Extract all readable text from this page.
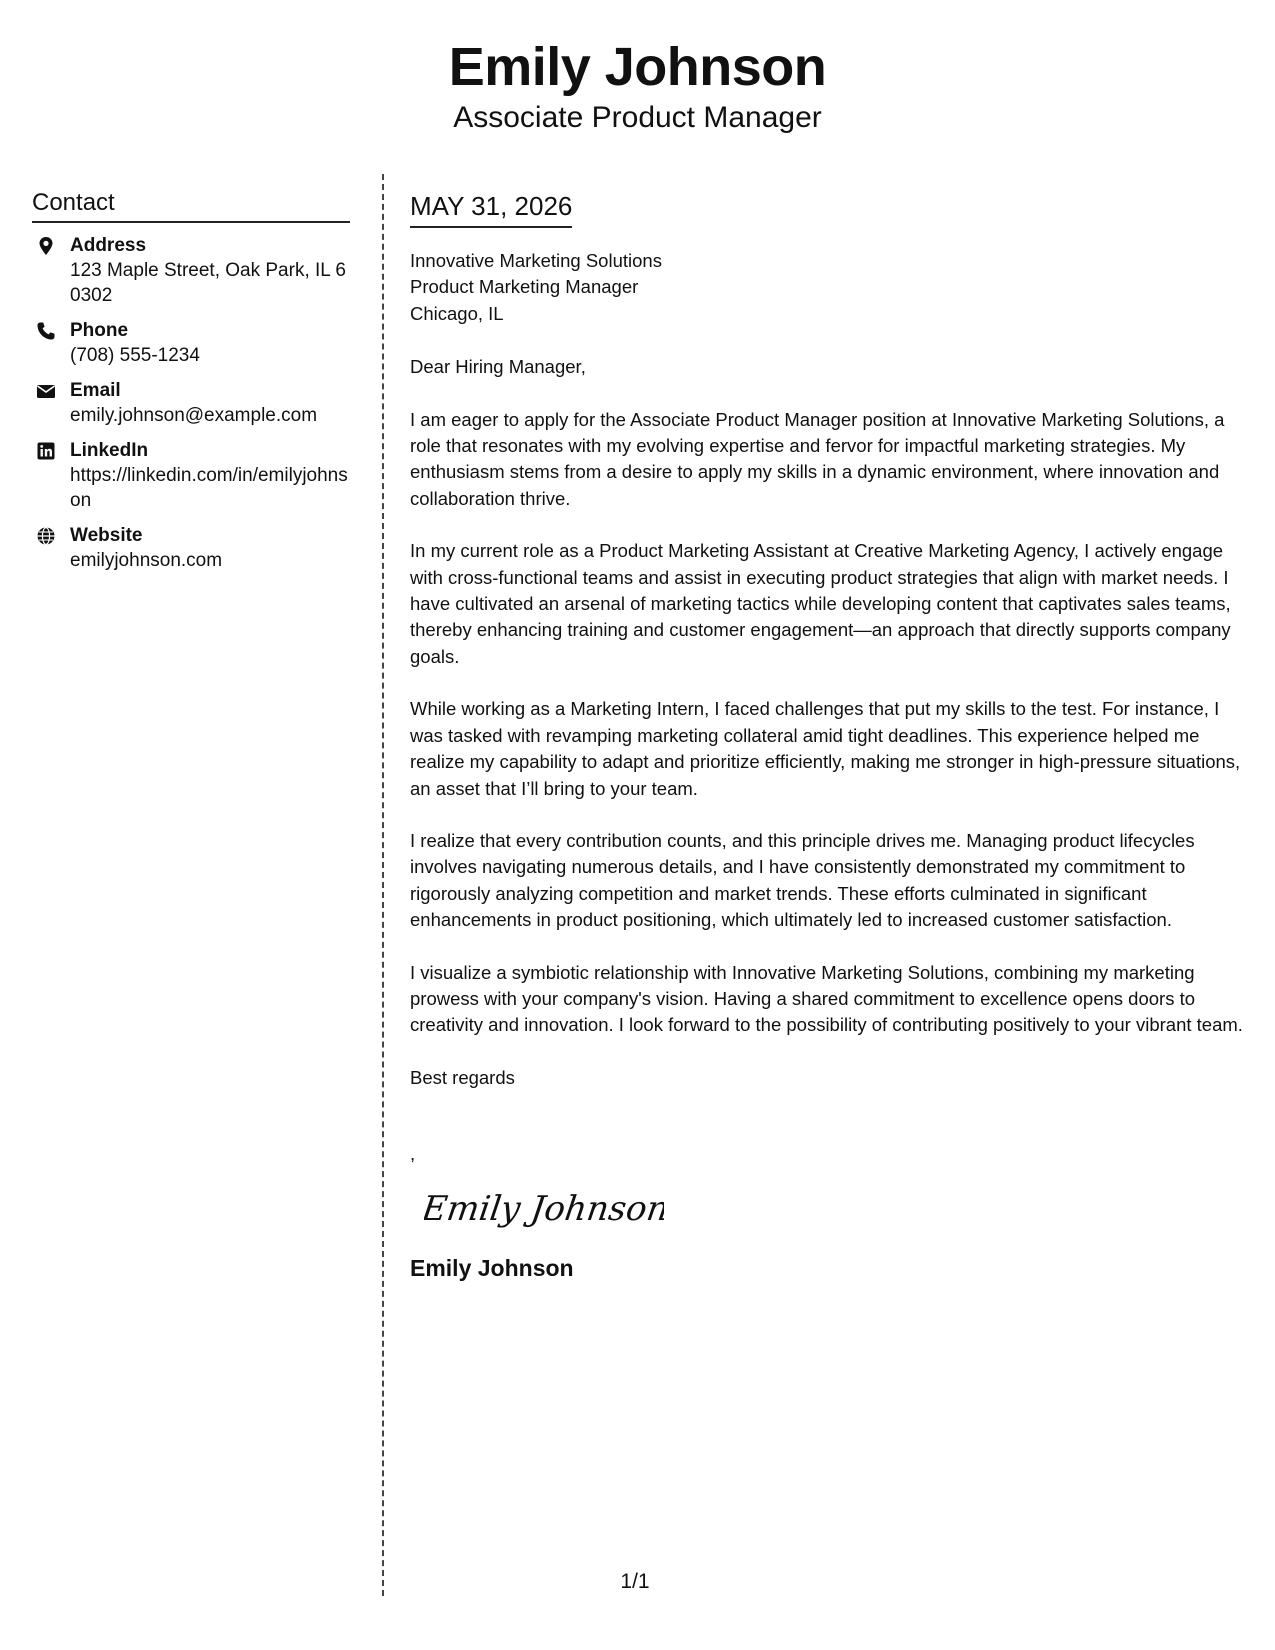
Emily Johnson
Associate Product Manager
Contact
Address
123 Maple Street, Oak Park, IL 60302
Phone
(708) 555-1234
Email
emily.johnson@example.com
LinkedIn
https://linkedin.com/in/emilyjohnson
Website
emilyjohnson.com
MAY 31, 2026
Innovative Marketing Solutions
Product Marketing Manager
Chicago, IL
Dear Hiring Manager,
I am eager to apply for the Associate Product Manager position at Innovative Marketing Solutions, a role that resonates with my evolving expertise and fervor for impactful marketing strategies. My enthusiasm stems from a desire to apply my skills in a dynamic environment, where innovation and collaboration thrive.
In my current role as a Product Marketing Assistant at Creative Marketing Agency, I actively engage with cross-functional teams and assist in executing product strategies that align with market needs. I have cultivated an arsenal of marketing tactics while developing content that captivates sales teams, thereby enhancing training and customer engagement—an approach that directly supports company goals.
While working as a Marketing Intern, I faced challenges that put my skills to the test. For instance, I was tasked with revamping marketing collateral amid tight deadlines. This experience helped me realize my capability to adapt and prioritize efficiently, making me stronger in high-pressure situations, an asset that I’ll bring to your team.
I realize that every contribution counts, and this principle drives me. Managing product lifecycles involves navigating numerous details, and I have consistently demonstrated my commitment to rigorously analyzing competition and market trends. These efforts culminated in significant enhancements in product positioning, which ultimately led to increased customer satisfaction.
I visualize a symbiotic relationship with Innovative Marketing Solutions, combining my marketing prowess with your company's vision. Having a shared commitment to excellence opens doors to creativity and innovation. I look forward to the possibility of contributing positively to your vibrant team.
Best regards
,
Emily Johnson
Emily Johnson
1/1
